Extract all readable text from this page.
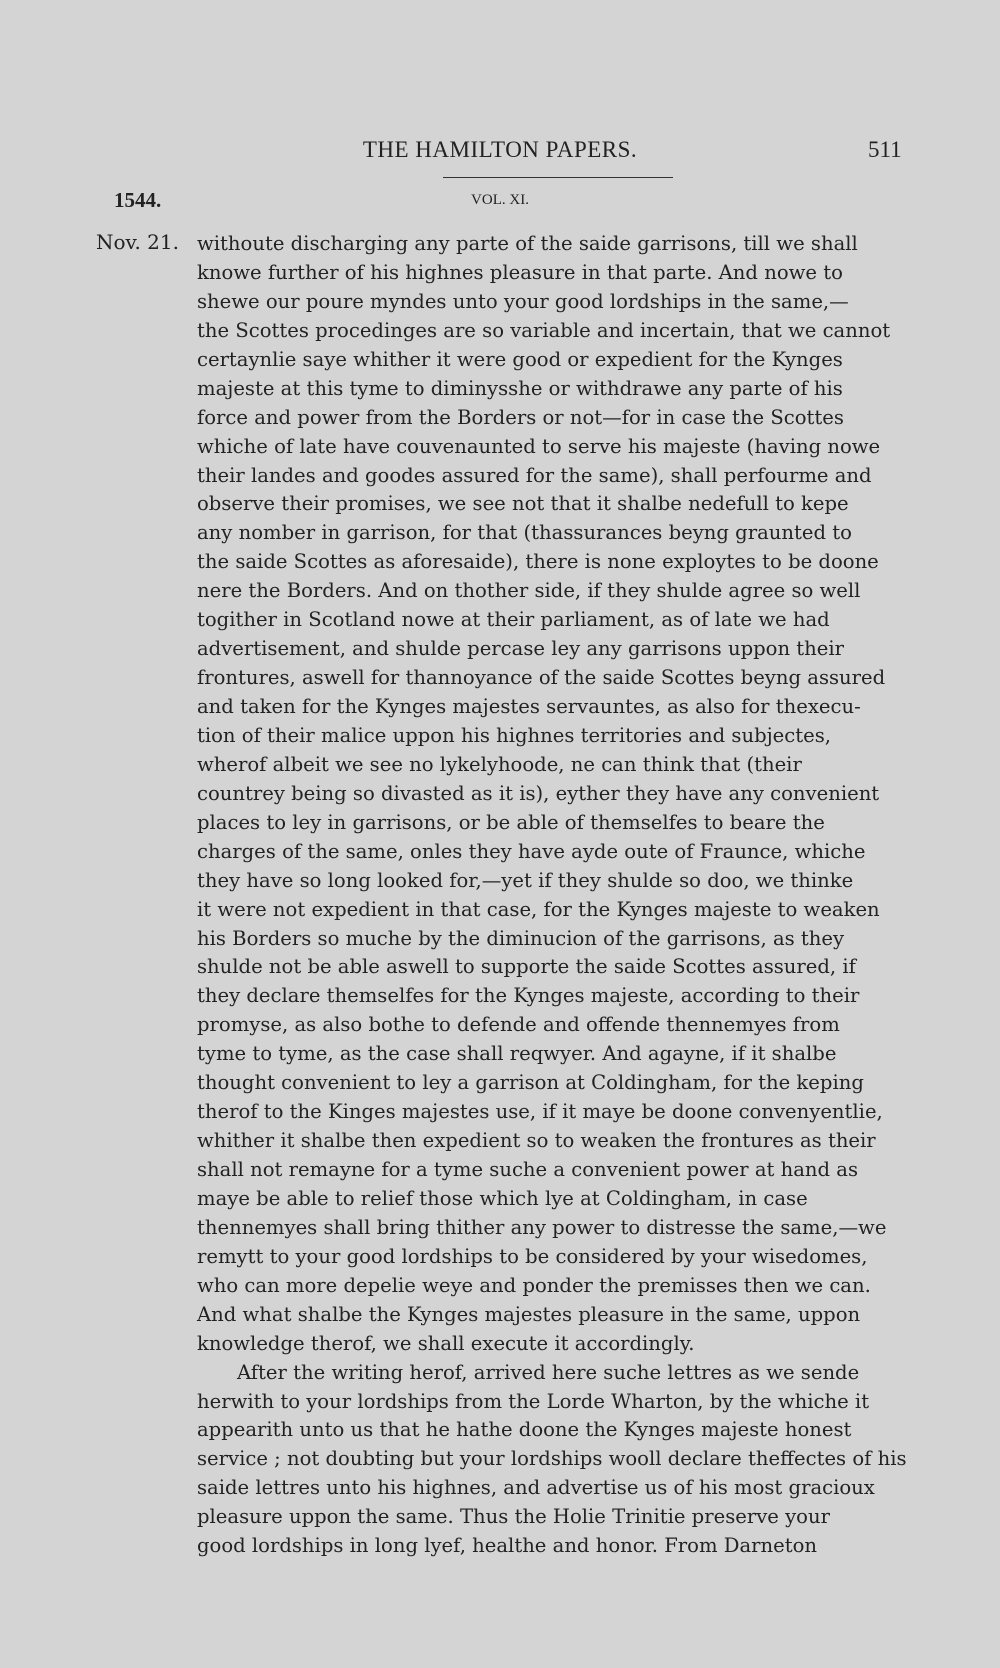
THE HAMILTON PAPERS.	511
1544.	VOL. XI.
Nov. 21. withoute discharging any parte of the saide garrisons, till we shall
knowe further of his highnes pleasure in that parte. And nowe to
shewe our poure myndes unto your good lordships in the same,—
the Scottes procedinges are so variable and incertain, that we cannot
certaynlie saye whither it were good or expedient for the Kynges
majeste at this tyme to diminysshe or withdrawe any parte of his
force and power from the Borders or not—for in case the Scottes
whiche of late have couvenaunted to serve his majeste (having nowe
their landes and goodes assured for the same), shall perfourme and
observe their promises, we see not that it shalbe nedefull to kepe
any nomber in garrison, for that (thassurances beyng graunted to
the saide Scottes as aforesaide), there is none exploytes to be doone
nere the Borders. And on thother side, if they shulde agree so well
togither in Scotland nowe at their parliament, as of late we had
advertisement, and shulde percase ley any garrisons uppon their
frontures, aswell for thannoyance of the saide Scottes beyng assured
and taken for the Kynges majestes servauntes, as also for thexecu-
tion of their malice uppon his highnes territories and subjectes,
wherof albeit we see no lykelyhoode, ne can think that (their
countrey being so divasted as it is), eyther they have any convenient
places to ley in garrisons, or be able of themselfes to beare the
charges of the same, onles they have ayde oute of Fraunce, whiche
they have so long looked for,—yet if they shulde so doo, we thinke
it were not expedient in that case, for the Kynges majeste to weaken
his Borders so muche by the diminucion of the garrisons, as they
shulde not be able aswell to supporte the saide Scottes assured, if
they declare themselfes for the Kynges majeste, according to their
promyse, as also bothe to defende and offende thennemyes from
tyme to tyme, as the case shall reqwyer. And agayne, if it shalbe
thought convenient to ley a garrison at Coldingham, for the keping
therof to the Kinges majestes use, if it maye be doone convenyentlie,
whither it shalbe then expedient so to weaken the frontures as their
shall not remayne for a tyme suche a convenient power at hand as
maye be able to relief those which lye at Coldingham, in case
thennemyes shall bring thither any power to distresse the same,—we
remytt to your good lordships to be considered by your wisedomes,
who can more depelie weye and ponder the premisses then we can.
And what shalbe the Kynges majestes pleasure in the same, uppon
knowledge therof, we shall execute it accordingly.
After the writing herof, arrived here suche lettres as we sende
herwith to your lordships from the Lorde Wharton, by the whiche it
appearith unto us that he hathe doone the Kynges majeste honest
service ; not doubting but your lordships wooll declare theffectes of his
saide lettres unto his highnes, and advertise us of his most gracioux
pleasure uppon the same. Thus the Holie Trinitie preserve your
good lordships in long lyef, healthe and honor. From Darneton
